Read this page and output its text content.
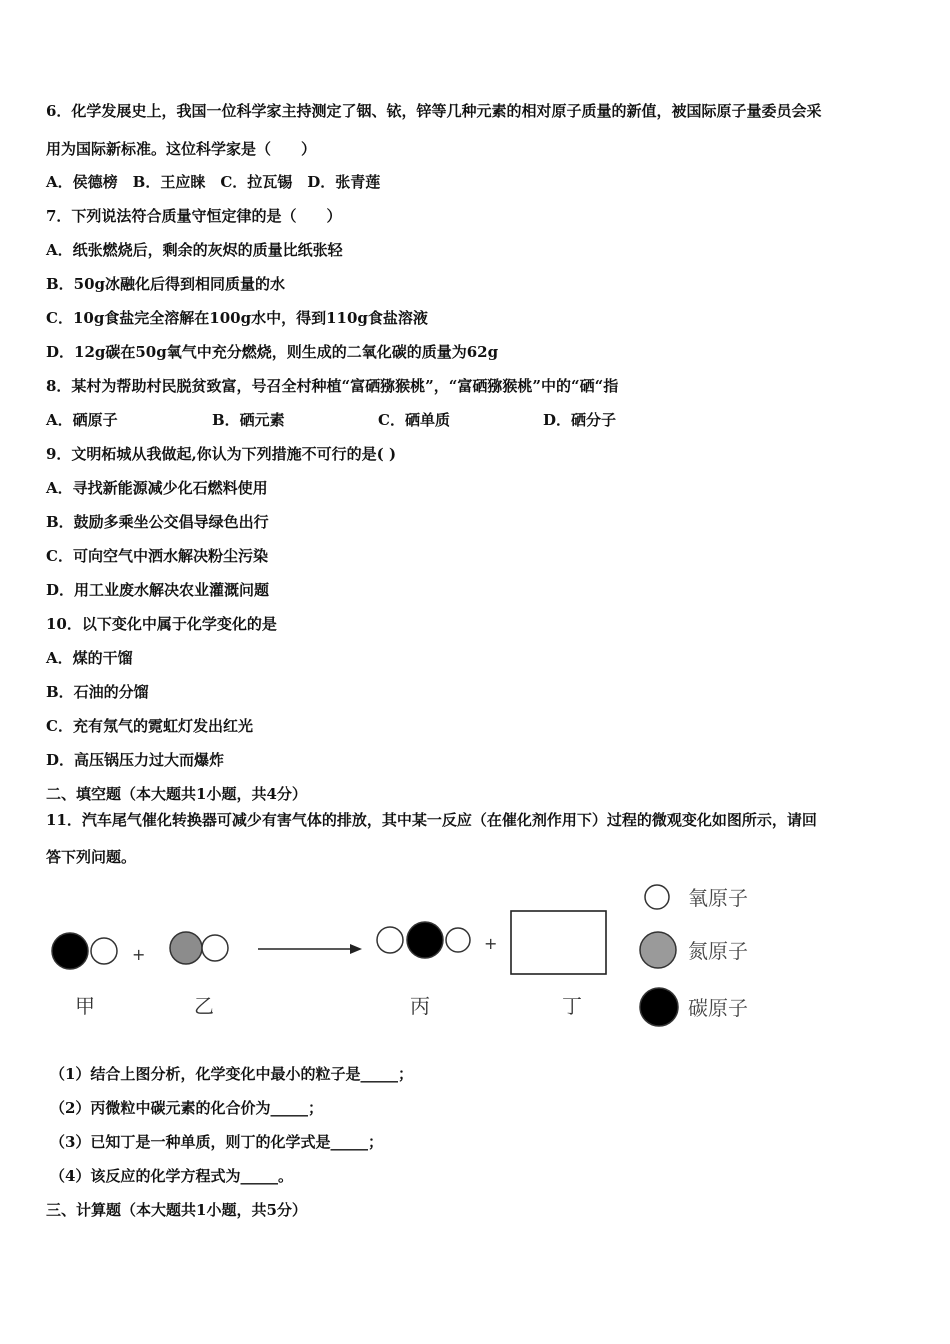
6．化学发展史上，我国一位科学家主持测定了铟、铱，锌等几种元素的相对原子质量的新值，被国际原子量委员会采
用为国际新标准。这位科学家是（　　）
A．侯德榜　B．王应睐　C．拉瓦锡　D．张青莲
7．下列说法符合质量守恒定律的是（　　）
A．纸张燃烧后，剩余的灰烬的质量比纸张轻
B．50g冰融化后得到相同质量的水
C．10g食盐完全溶解在100g水中，得到110g食盐溶液
D．12g碳在50g氧气中充分燃烧，则生成的二氧化碳的质量为62g
8．某村为帮助村民脱贫致富，号召全村种植“富硒猕猴桃”，“富硒猕猴桃”中的“硒“指
A．硒原子	B．硒元素	C．硒单质	D．硒分子
9．文明柘城从我做起,你认为下列措施不可行的是( )
A．寻找新能源减少化石燃料使用
B．鼓励多乘坐公交倡导绿色出行
C．可向空气中洒水解决粉尘污染
D．用工业废水解决农业灌溉问题
10．以下变化中属于化学变化的是
A．煤的干馏
B．石油的分馏
C．充有氖气的霓虹灯发出红光
D．高压锅压力过大而爆炸
二、填空题（本大题共1小题，共4分）
11．汽车尾气催化转换器可减少有害气体的排放，其中某一反应（在催化剂作用下）过程的微观变化如图所示，请回
答下列问题。
+
+
甲	乙	丙	丁
氧原子
氮原子
碳原子
（1）结合上图分析，化学变化中最小的粒子是_____；
（2）丙微粒中碳元素的化合价为_____；
（3）已知丁是一种单质，则丁的化学式是_____；
（4）该反应的化学方程式为_____。
三、计算题（本大题共1小题，共5分）
